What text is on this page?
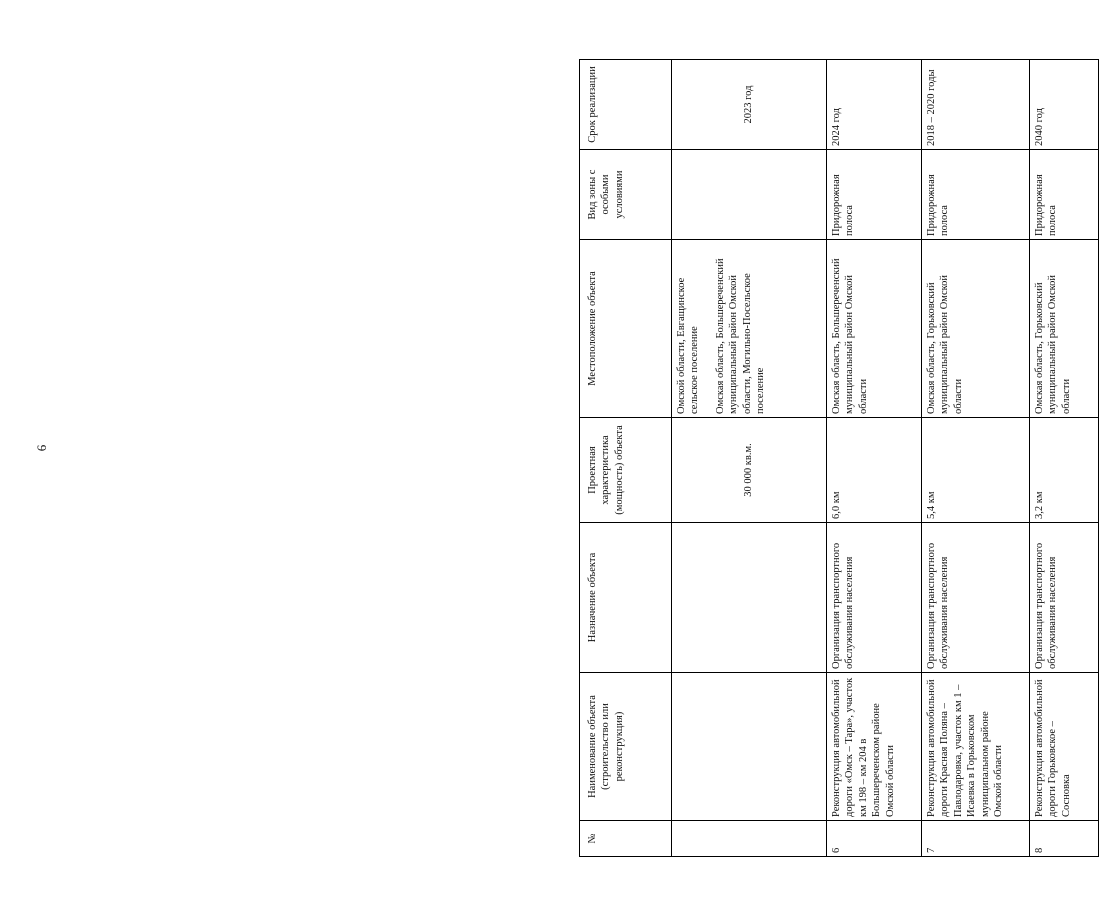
6
№	Наименование объекта (строительство или реконструкция)	Назначение объекта	Проектная характеристика (мощность) объекта	Местоположение объекта	Вид зоны с особыми условиями	Срок реализации
			30 000 кв.м.	Омской области, Евгащинское сельское поселение Омская область, Большереченский муниципальный район Омской области, Могильно-Посельское поселение		2023 год
6	Реконструкция автомобильной дороги «Омск – Тара», участок км 198 – км 204 в Большереченском районе Омской области	Организация транспортного обслуживания населения	6,0 км	Омская область, Большереченский муниципальный район Омской области	Придорожная полоса	2024 год
7	Реконструкция автомобильной дороги Красная Поляна – Павлодаровка, участок км 1 – Исаевка в Горьковском муниципальном районе Омской области	Организация транспортного обслуживания населения	5,4 км	Омская область, Горьковский муниципальный район Омской области	Придорожная полоса	2018 – 2020 годы
8	Реконструкция автомобильной дороги Горьковское – Сосновка	Организация транспортного обслуживания населения	3,2 км	Омская область, Горьковский муниципальный район Омской области	Придорожная полоса	2040 год
